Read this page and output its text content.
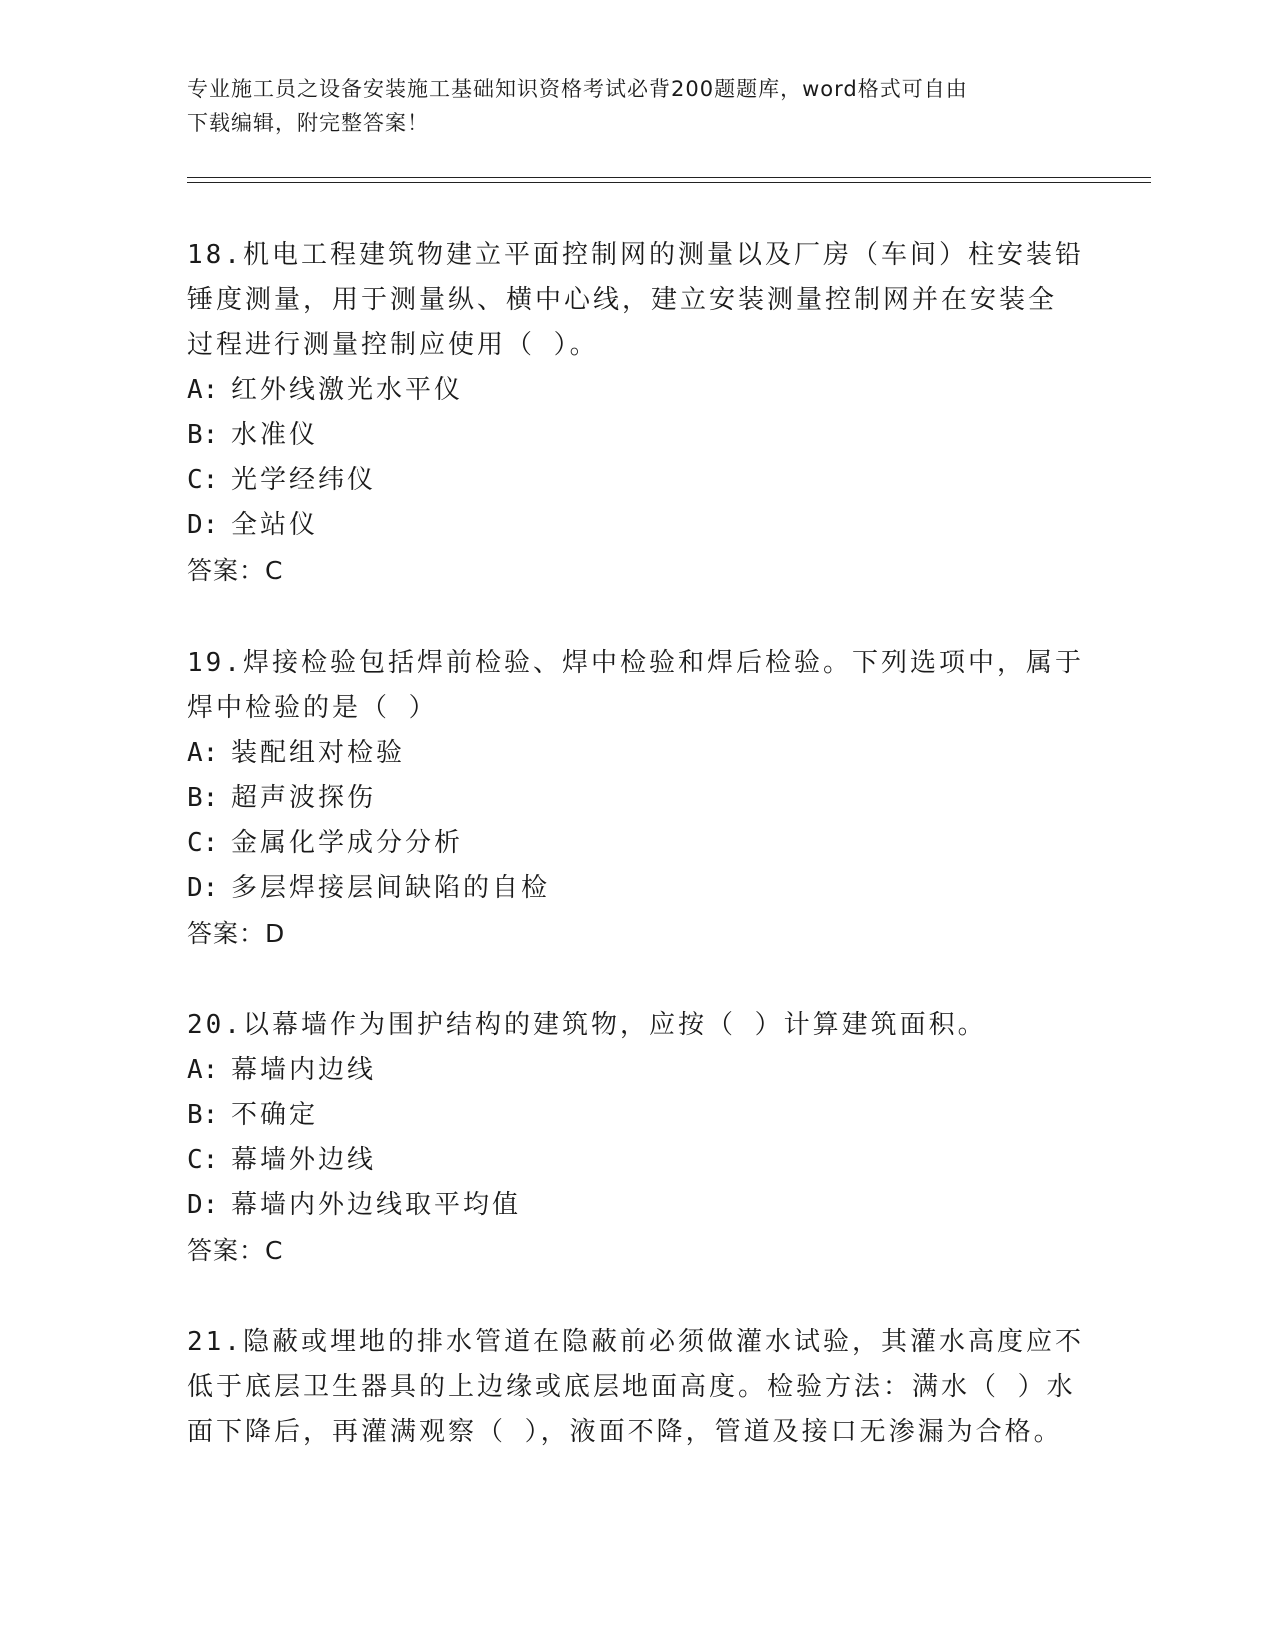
专业施工员之设备安装施工基础知识资格考试必背200题题库，word格式可自由
下载编辑，附完整答案！

18.机电工程建筑物建立平面控制网的测量以及厂房（车间）柱安装铅

锤度测量，用于测量纵、横中心线，建立安装测量控制网并在安装全

过程进行测量控制应使用（ ）。

A: 红外线激光水平仪

B: 水准仪

C: 光学经纬仪

D: 全站仪

答案：C

19.焊接检验包括焊前检验、焊中检验和焊后检验。下列选项中，属于

焊中检验的是（ ）

A: 装配组对检验

B: 超声波探伤

C: 金属化学成分分析

D: 多层焊接层间缺陷的自检

答案：D

20.以幕墙作为围护结构的建筑物，应按（ ）计算建筑面积。

A: 幕墙内边线

B: 不确定

C: 幕墙外边线

D: 幕墙内外边线取平均值

答案：C

21.隐蔽或埋地的排水管道在隐蔽前必须做灌水试验，其灌水高度应不

低于底层卫生器具的上边缘或底层地面高度。检验方法：满水（ ）水

面下降后，再灌满观察（ ），液面不降，管道及接口无渗漏为合格。
